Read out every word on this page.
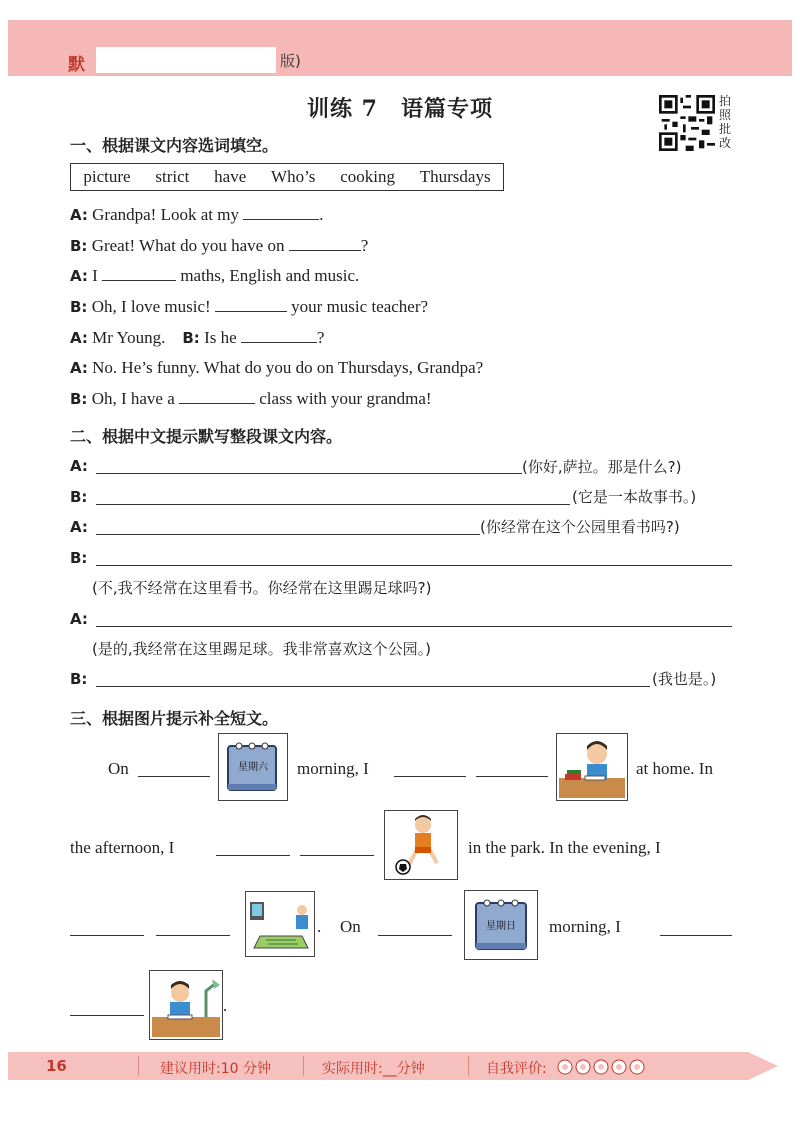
默	版)
训练 7　语篇专项	拍照批改
一、根据课文内容选词填空。
picture strict have Who’s cooking Thursdays
A: Grandpa! Look at my	.
B: Great! What do you have on	?
A: I	maths, English and music.
B: Oh, I love music!	your music teacher?
A: Mr Young. B: Is he	?
A: No. He’s funny. What do you do on Thursdays, Grandpa?
B: Oh, I have a	class with your grandma!
二、根据中文提示默写整段课文内容。
A:	(你好,萨拉。那是什么?)
B:	(它是一本故事书。)
A:	(你经常在这个公园里看书吗?)
B:
(不,我不经常在这里看书。你经常在这里踢足球吗?)
A:
(是的,我经常在这里踢足球。我非常喜欢这个公园。)
B:	(我也是。)
三、根据图片提示补全短文。
On	星期六	morning, I	at home. In
the afternoon, I	in the park. In the evening, I
. On	星期日	morning, I
.
16	建议用时:10 分钟	实际用时:__分钟	自我评价:
